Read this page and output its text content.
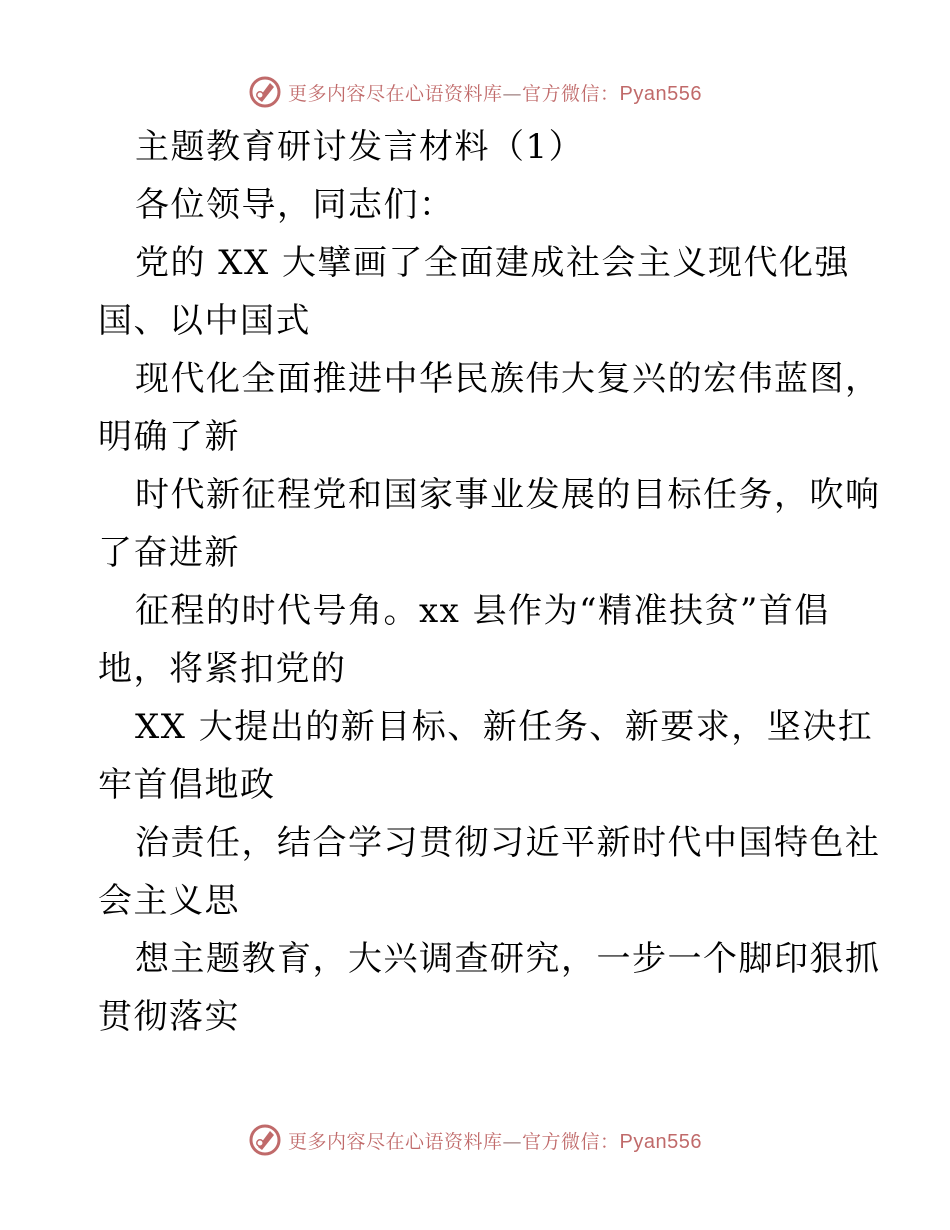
更多内容尽在心语资料库—官方微信：Pyan556
主题教育研讨发言材料（1）
各位领导，同志们：
党的 XX 大擘画了全面建成社会主义现代化强
国、以中国式
现代化全面推进中华民族伟大复兴的宏伟蓝图，
明确了新
时代新征程党和国家事业发展的目标任务，吹响
了奋进新
征程的时代号角。xx 县作为“精准扶贫”首倡
地，将紧扣党的
XX 大提出的新目标、新任务、新要求，坚决扛
牢首倡地政
治责任，结合学习贯彻习近平新时代中国特色社
会主义思
想主题教育，大兴调查研究，一步一个脚印狠抓
贯彻落实
更多内容尽在心语资料库—官方微信：Pyan556
